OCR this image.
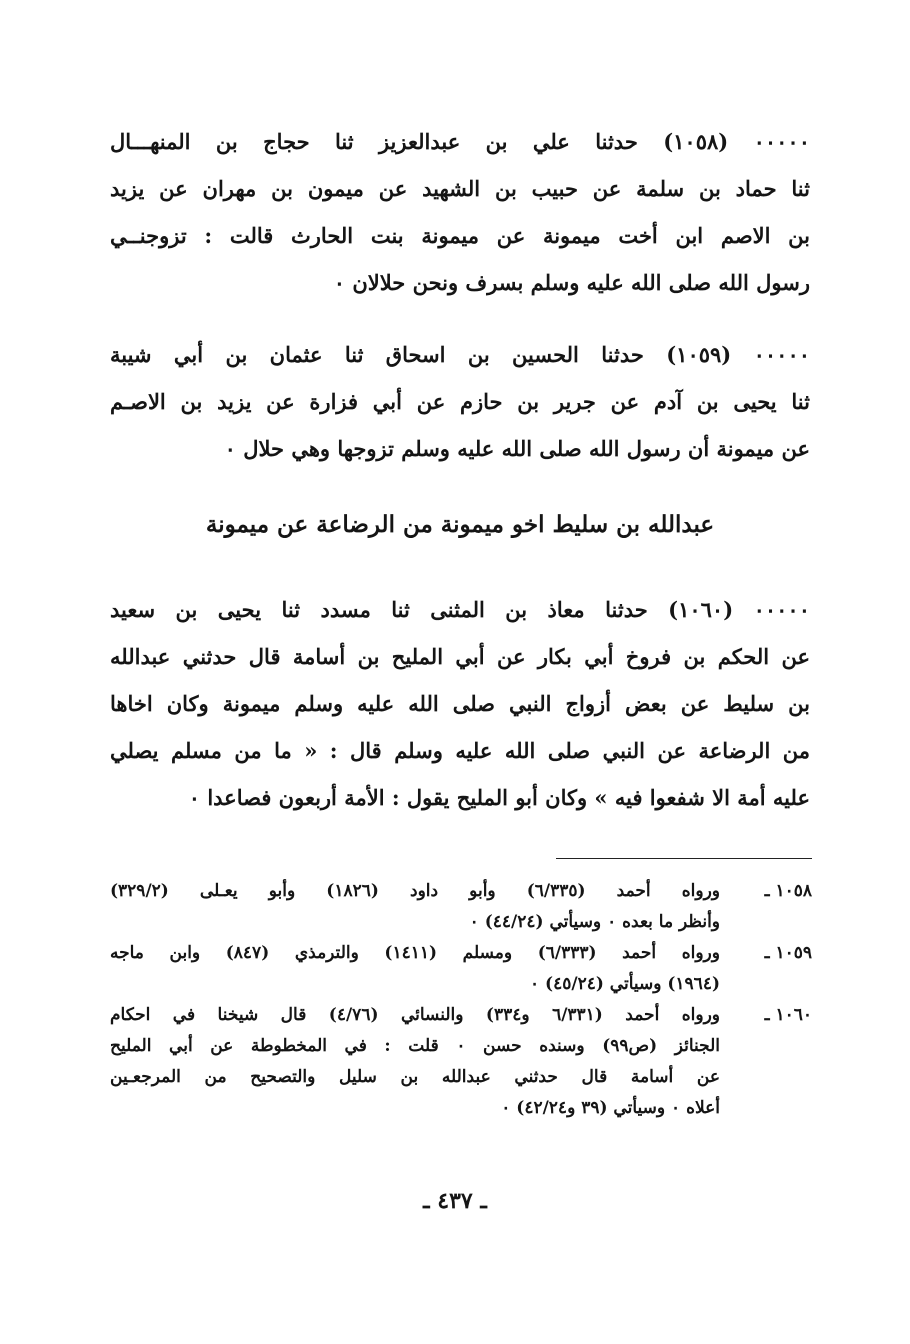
٠٠٠٠٠ (١٠٥٨) حدثنا علي بن عبدالعزيز ثنا حجاج بن المنهـــال
ثنا حماد بن سلمة عن حبيب بن الشهيد عن ميمون بن مهران عن يزيد
بن الاصم ابن أخت ميمونة عن ميمونة بنت الحارث قالت : تزوجنــي
رسول الله صلى الله عليه وسلم بسرف ونحن حلالان ٠
٠٠٠٠٠ (١٠٥٩) حدثنا الحسين بن اسحاق ثنا عثمان بن أبي شيبة
ثنا يحيى بن آدم عن جرير بن حازم عن أبي فزارة عن يزيد بن الاصـم
عن ميمونة أن رسول الله صلى الله عليه وسلم تزوجها وهي حلال ٠
عبدالله بن سليط اخو ميمونة من الرضاعة عن ميمونة
٠٠٠٠٠ (١٠٦٠) حدثنا معاذ بن المثنى ثنا مسدد ثنا يحيى بن سعيد
عن الحكم بن فروخ أبي بكار عن أبي المليح بن أسامة قال حدثني عبدالله
بن سليط عن بعض أزواج النبي صلى الله عليه وسلم ميمونة وكان اخاها
من الرضاعة عن النبي صلى الله عليه وسلم قال : « ما من مسلم يصلي
عليه أمة الا شفعوا فيه » وكان أبو المليح يقول : الأمة أربعون فصاعدا ٠
١٠٥٨ ـ
ورواه أحمد (٦/٣٣٥) وأبو داود (١٨٢٦) وأبو يعـلى (٣٢٩/٢)
وأنظر ما بعده ٠ وسيأتي (٤٤/٢٤) ٠
١٠٥٩ ـ
ورواه أحمد (٦/٣٣٣) ومسلم (١٤١١) والترمذي (٨٤٧) وابن ماجه
(١٩٦٤) وسيأتي (٤٥/٢٤) ٠
١٠٦٠ ـ
ورواه أحمد (٦/٣٣١ و٣٣٤) والنسائي (٤/٧٦) قال شيخنا في احكام
الجنائز (ص٩٩) وسنده حسن ٠ قلت : في المخطوطة عن أبي المليح
عن أسامة قال حدثني عبدالله بن سليل والتصحيح من المرجعـين
أعلاه ٠ وسيأتي (٣٩ و٤٢/٢٤) ٠
ـ ٤٣٧ ـ
